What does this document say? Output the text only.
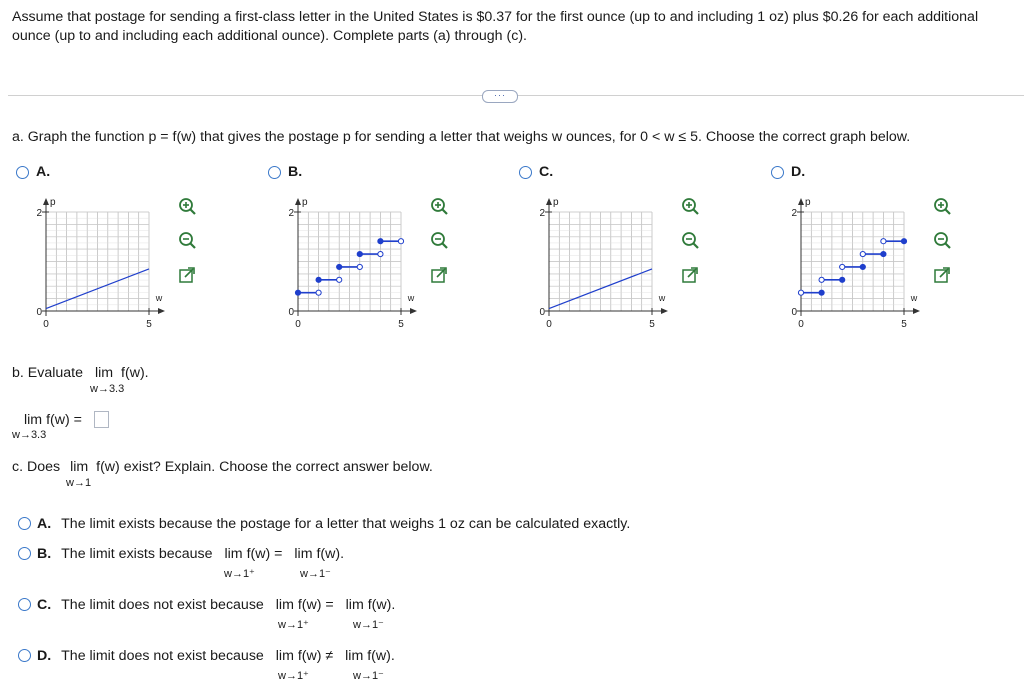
Assume that postage for sending a first-class letter in the United States is $0.37 for the first ounce (up to and including 1 oz) plus $0.26 for each additional
ounce (up to and including each additional ounce). Complete parts (a) through (c).
···
a. Graph the function p = f(w) that gives the postage p for sending a letter that weighs w ounces, for 0 < w ≤ 5. Choose the correct graph below.
A.
p
2
0
0	5
w
B.
p
2
0
0	5
w
C.
p
2
0
0	5
w
D.
p
2
0
0	5
w
b. Evaluate lim f(w).
w→3.3
lim f(w) =
w→3.3
c. Does lim f(w) exist? Explain. Choose the correct answer below.
w→1
A. The limit exists because the postage for a letter that weighs 1 oz can be calculated exactly.
B. The limit exists because lim f(w) = lim f(w).
w→1⁺	w→1⁻
C. The limit does not exist because lim f(w) = lim f(w).
w→1⁺	w→1⁻
D. The limit does not exist because lim f(w) ≠ lim f(w).
w→1⁺	w→1⁻
